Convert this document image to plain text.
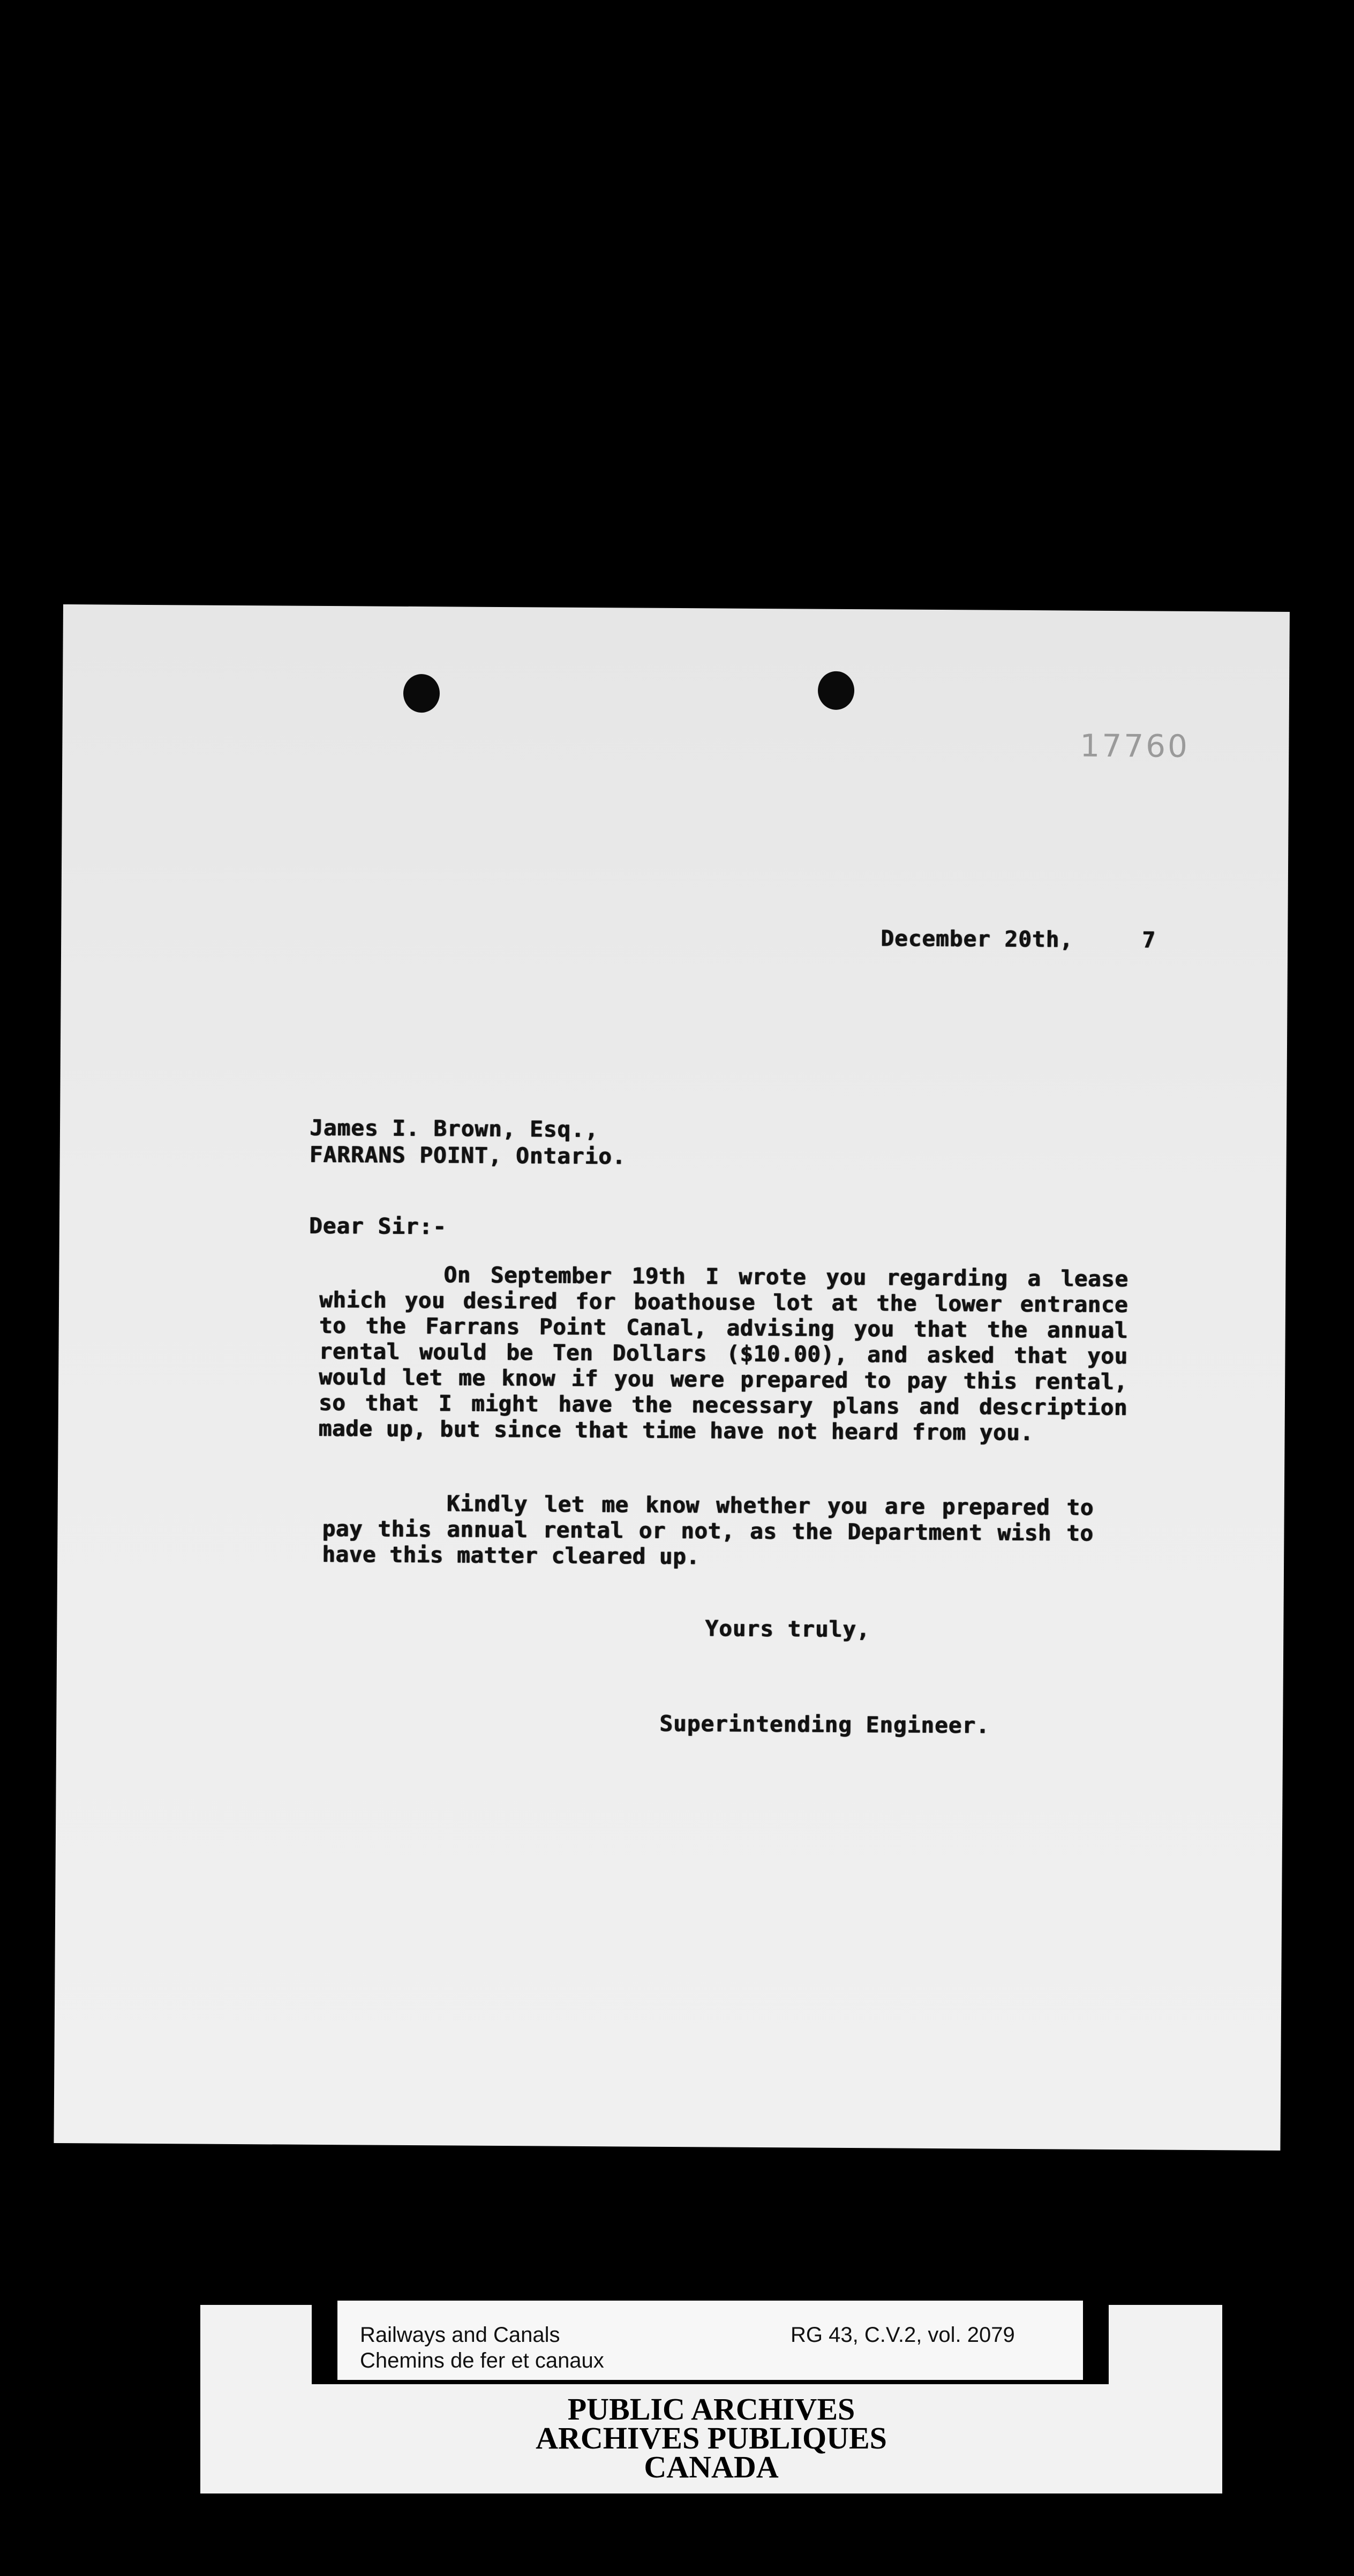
17760
December 20th,     7
James I. Brown, Esq.,
FARRANS POINT, Ontario.
Dear Sir:-
On September 19th I wrote you regarding a lease which you desired for boathouse lot at the lower entrance to the Farrans Point Canal, advising you that the annual rental would be Ten Dollars ($10.00), and asked that you would let me know if you were prepared to pay this rental, so that I might have the necessary plans and description made up, but since that time have not heard from you.
Kindly let me know whether you are prepared to pay this annual rental or not, as the Department wish to have this matter cleared up.
Yours truly,
Superintending Engineer.
Railways and Canals
Chemins de fer et canaux
RG 43, C.V.2, vol. 2079
PUBLIC ARCHIVES
ARCHIVES PUBLIQUES
CANADA
